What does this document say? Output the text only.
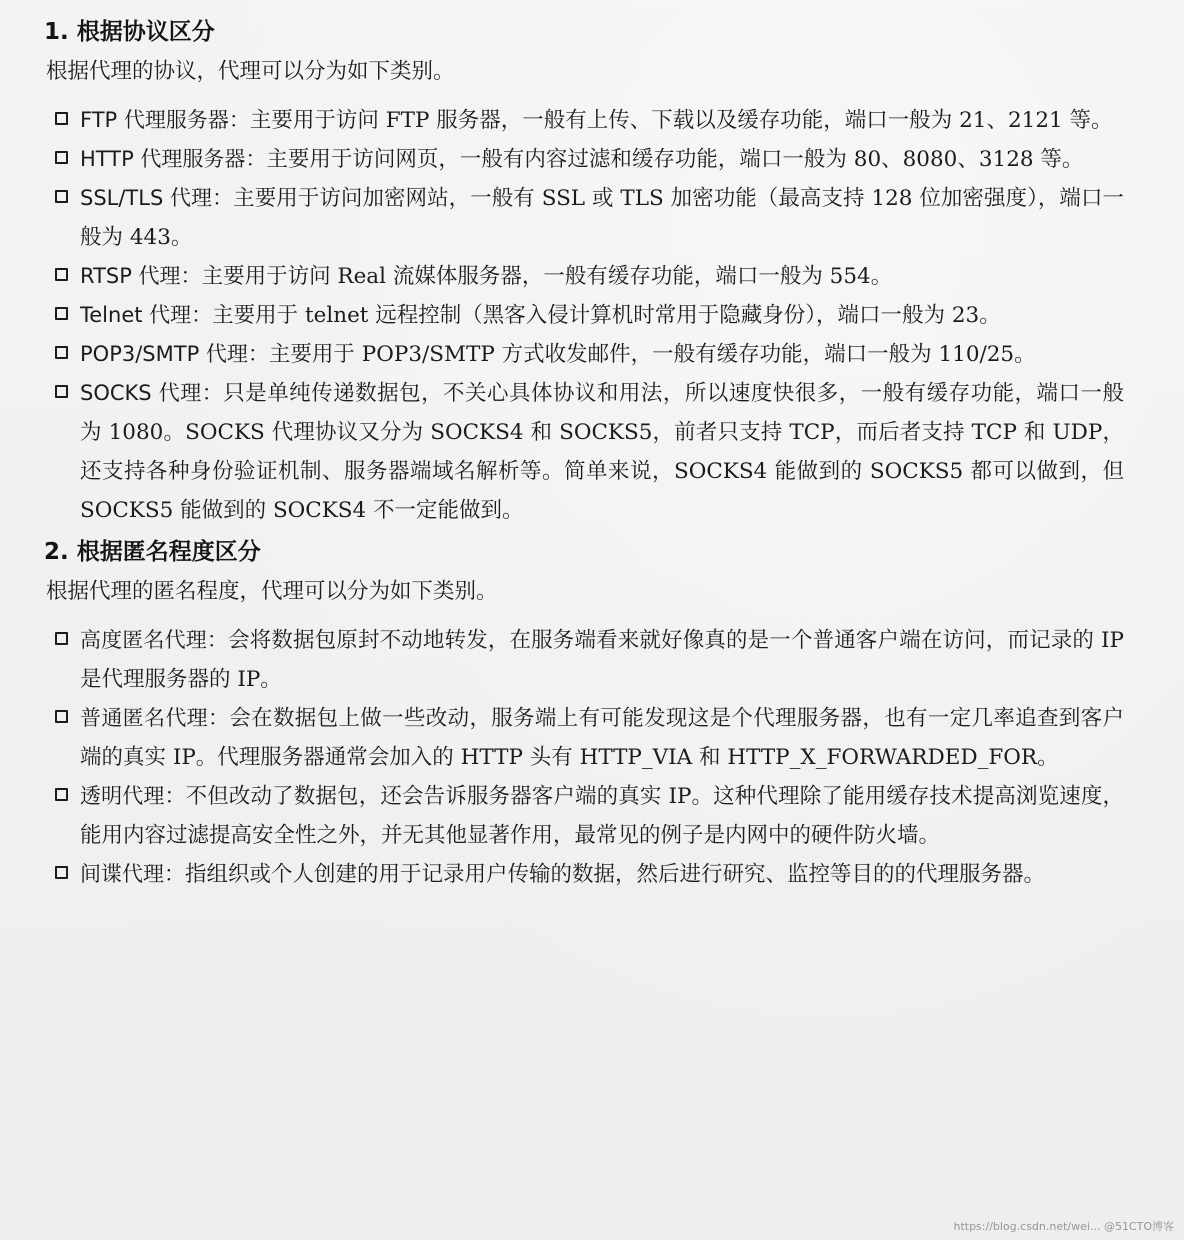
1. 根据协议区分

根据代理的协议，代理可以分为如下类别。

FTP 代理服务器：主要用于访问 FTP 服务器，一般有上传、下载以及缓存功能，端口一般为 21、2121 等。
HTTP 代理服务器：主要用于访问网页，一般有内容过滤和缓存功能，端口一般为 80、8080、3128 等。
SSL/TLS 代理：主要用于访问加密网站，一般有 SSL 或 TLS 加密功能（最高支持 128 位加密强度），端口一般为 443。
RTSP 代理：主要用于访问 Real 流媒体服务器，一般有缓存功能，端口一般为 554。
Telnet 代理：主要用于 telnet 远程控制（黑客入侵计算机时常用于隐藏身份），端口一般为 23。
POP3/SMTP 代理：主要用于 POP3/SMTP 方式收发邮件，一般有缓存功能，端口一般为 110/25。
SOCKS 代理：只是单纯传递数据包，不关心具体协议和用法，所以速度快很多，一般有缓存功能，端口一般为 1080。SOCKS 代理协议又分为 SOCKS4 和 SOCKS5，前者只支持 TCP，而后者支持 TCP 和 UDP，还支持各种身份验证机制、服务器端域名解析等。简单来说，SOCKS4 能做到的 SOCKS5 都可以做到，但 SOCKS5 能做到的 SOCKS4 不一定能做到。
2. 根据匿名程度区分

根据代理的匿名程度，代理可以分为如下类别。

高度匿名代理：会将数据包原封不动地转发，在服务端看来就好像真的是一个普通客户端在访问，而记录的 IP 是代理服务器的 IP。
普通匿名代理：会在数据包上做一些改动，服务端上有可能发现这是个代理服务器，也有一定几率追查到客户端的真实 IP。代理服务器通常会加入的 HTTP 头有 HTTP_VIA 和 HTTP_X_FORWARDED_FOR。
透明代理：不但改动了数据包，还会告诉服务器客户端的真实 IP。这种代理除了能用缓存技术提高浏览速度，能用内容过滤提高安全性之外，并无其他显著作用，最常见的例子是内网中的硬件防火墙。
间谍代理：指组织或个人创建的用于记录用户传输的数据，然后进行研究、监控等目的的代理服务器。
https://blog.csdn.net/wei... @51CTO博客
